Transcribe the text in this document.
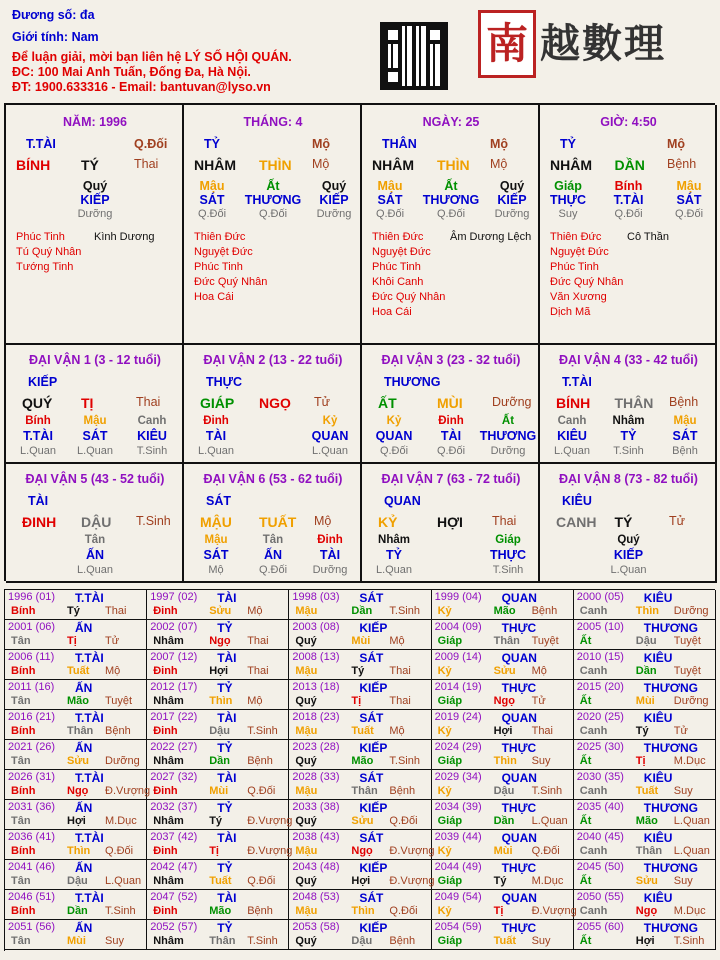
Đương số: đa
Giới tính: Nam
Để luận giải, mời bạn liên hệ LÝ SỐ HỘI QUÁN.
ĐC: 100 Mai Anh Tuấn, Đống Đa, Hà Nội.
ĐT: 1900.633316 - Email: bantuvan@lyso.vn
南 越數理
NĂM: 1996
T.TÀI	Q.Đối
BÍNH TÝ	Thai
Quý
KIẾP
Dưỡng
Phúc Tinh
Tú Quý Nhân
Tướng Tinh
Kình Dương
THÁNG: 4
TỶ	Mộ
NHÂM THÌN Mộ
Mậu
SÁT
Q.Đối
Ất
THƯƠNG
Q.Đối
Quý
KIẾP
Dưỡng
Thiên Đức
Nguyệt Đức
Phúc Tinh
Đức Quý Nhân
Hoa Cái
NGÀY: 25
THÂN	Mộ
NHÂM THÌN Mộ
Mậu
SÁT
Q.Đối
Ất
THƯƠNG
Q.Đối
Quý
KIẾP
Dưỡng
Thiên Đức
Nguyệt Đức
Phúc Tinh
Khôi Canh
Đức Quý Nhân
Hoa Cái
Âm Dương Lệch
GIỜ: 4:50
TỶ	Mộ
NHÂM DẦN Bệnh
Giáp
THỰC
Suy
Bính
T.TÀI
Q.Đối
Mậu
SÁT
Q.Đối
Thiên Đức
Nguyệt Đức
Phúc Tinh
Đức Quý Nhân
Văn Xương
Dịch Mã
Cô Thần
ĐẠI VẬN 1 (3 - 12 tuổi)
KIẾP
QUÝ TỊ	Thai
Bính
T.TÀI
L.Quan
Mậu
SÁT
L.Quan
Canh
KIÊU
T.Sinh
ĐẠI VẬN 2 (13 - 22 tuổi)
THỰC
GIÁP NGỌ Tử
Đinh
TÀI
L.Quan
Kỷ
QUAN
L.Quan
ĐẠI VẬN 3 (23 - 32 tuổi)
THƯƠNG
ẤT	MÙI Dưỡng
Kỷ
QUAN
Q.Đối
Đinh
TÀI
Q.Đối
Ất
THƯƠNG
Dưỡng
ĐẠI VẬN 4 (33 - 42 tuổi)
T.TÀI
BÍNH THÂN Bệnh
Canh
KIÊU
L.Quan
Nhâm
TỶ
T.Sinh
Mậu
SÁT
Bệnh
ĐẠI VẬN 5 (43 - 52 tuổi)
TÀI
ĐINH DẬU T.Sinh
Tân
ẤN
L.Quan
ĐẠI VẬN 6 (53 - 62 tuổi)
SÁT
MẬU TUẤT Mộ
Mậu
SÁT
Mộ
Tân
ẤN
Q.Đối
Đinh
TÀI
Dưỡng
ĐẠI VẬN 7 (63 - 72 tuổi)
QUAN
KỶ	HỢI Thai
Nhâm
TỶ
L.Quan
Giáp
THỰC
T.Sinh
ĐẠI VẬN 8 (73 - 82 tuổi)
KIÊU
CANH TÝ	Tử
Quý
KIẾP
L.Quan
1996 (01) T.TÀI
Bính	Tý Thai
1997 (02) TÀI
Đinh	Sửu Mộ
1998 (03) SÁT
Mậu	Dần T.Sinh
1999 (04) QUAN
Kỷ	Mão Bệnh
2000 (05) KIÊU
Canh	Thìn Dưỡng
2001 (06) ẤN
Tân	Tị	Tử
2002 (07) TỶ
Nhâm Ngọ Thai
2003 (08) KIẾP
Quý	Mùi Mộ
2004 (09) THỰC
Giáp	Thân Tuyệt
2005 (10) THƯƠNG
Ất	Dậu Tuyệt
2006 (11) T.TÀI
Bính	Tuất Mộ
2007 (12) TÀI
Đinh	Hợi Thai
2008 (13) SÁT
Mậu	Tý Thai
2009 (14) QUAN
Kỷ	Sửu Mộ
2010 (15) KIÊU
Canh	Dần Tuyệt
2011 (16) ẤN
Tân	Mão Tuyệt
2012 (17) TỶ
Nhâm Thìn Mộ
2013 (18) KIẾP
Quý	Tị	Thai
2014 (19) THỰC
Giáp	Ngọ Tử
2015 (20) THƯƠNG
Ất	Mùi Dưỡng
2016 (21) T.TÀI
Bính	Thân Bệnh
2017 (22) TÀI
Đinh	Dậu T.Sinh
2018 (23) SÁT
Mậu	Tuất Mộ
2019 (24) QUAN
Kỷ	Hợi Thai
2020 (25) KIÊU
Canh	Tý Tử
2021 (26) ẤN
Tân	Sửu Dưỡng
2022 (27) TỶ
Nhâm Dần Bệnh
2023 (28) KIẾP
Quý	Mão T.Sinh
2024 (29) THỰC
Giáp	Thìn Suy
2025 (30) THƯƠNG
Ất	Tị	M.Dục
2026 (31) T.TÀI
Bính	Ngọ Đ.Vượng
2027 (32) TÀI
Đinh	Mùi Q.Đối
2028 (33) SÁT
Mậu	Thân Bệnh
2029 (34) QUAN
Kỷ	Dậu T.Sinh
2030 (35) KIÊU
Canh	Tuất Suy
2031 (36) ẤN
Tân	Hợi M.Dục
2032 (37) TỶ
Nhâm Tý Đ.Vượng
2033 (38) KIẾP
Quý	Sửu Q.Đối
2034 (39) THỰC
Giáp	Dần L.Quan
2035 (40) THƯƠNG
Ất	Mão L.Quan
2036 (41) T.TÀI
Bính	Thìn Q.Đối
2037 (42) TÀI
Đinh	Tị	Đ.Vượng
2038 (43) SÁT
Mậu	Ngọ Đ.Vượng
2039 (44) QUAN
Kỷ	Mùi Q.Đối
2040 (45) KIÊU
Canh	Thân L.Quan
2041 (46) ẤN
Tân	Dậu L.Quan
2042 (47) TỶ
Nhâm Tuất Q.Đối
2043 (48) KIẾP
Quý	Hợi Đ.Vượng
2044 (49) THỰC
Giáp	Tý M.Dục
2045 (50) THƯƠNG
Ất	Sửu Suy
2046 (51) T.TÀI
Bính	Dần T.Sinh
2047 (52) TÀI
Đinh	Mão Bệnh
2048 (53) SÁT
Mậu	Thìn Q.Đối
2049 (54) QUAN
Kỷ	Tị	Đ.Vượng
2050 (55) KIÊU
Canh	Ngọ M.Dục
2051 (56) ẤN
Tân	Mùi Suy
2052 (57) TỶ
Nhâm Thân T.Sinh
2053 (58) KIẾP
Quý	Dậu Bệnh
2054 (59) THỰC
Giáp	Tuất Suy
2055 (60) THƯƠNG
Ất	Hợi T.Sinh
